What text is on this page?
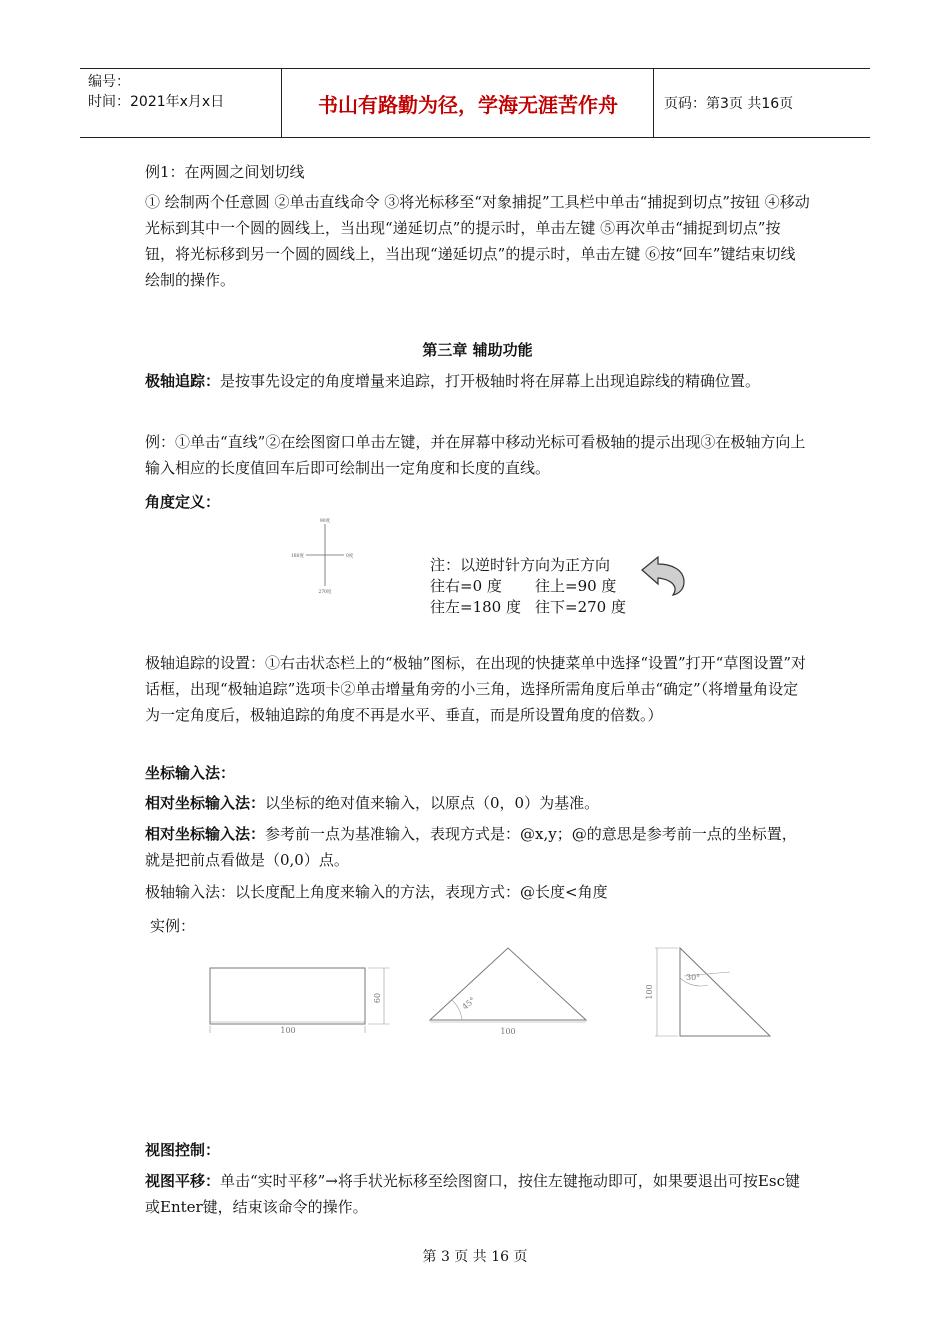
编号：
时间：2021年x月x日	书山有路勤为径，学海无涯苦作舟	页码：第3页 共16页
例1：在两圆之间划切线
① 绘制两个任意圆 ②单击直线命令 ③将光标移至“对象捕捉”工具栏中单击“捕捉到切点”按钮 ④移动光标到其中一个圆的圆线上，当出现“递延切点”的提示时，单击左键 ⑤再次单击“捕捉到切点”按钮，将光标移到另一个圆的圆线上，当出现“递延切点”的提示时，单击左键 ⑥按“回车”键结束切线绘制的操作。
第三章 辅助功能
极轴追踪：是按事先设定的角度增量来追踪，打开极轴时将在屏幕上出现追踪线的精确位置。
例：①单击“直线”②在绘图窗口单击左键，并在屏幕中移动光标可看极轴的提示出现③在极轴方向上输入相应的长度值回车后即可绘制出一定角度和长度的直线。
角度定义：
90度
180度	0度
270度
注：以逆时针方向为正方向
往右=0 度 往上=90 度
往左=180 度 往下=270 度
极轴追踪的设置：①右击状态栏上的“极轴”图标，在出现的快捷菜单中选择“设置”打开“草图设置”对话框，出现“极轴追踪”选项卡②单击增量角旁的小三角，选择所需角度后单击“确定”（将增量角设定为一定角度后，极轴追踪的角度不再是水平、垂直，而是所设置角度的倍数。）
坐标输入法：
相对坐标输入法：以坐标的绝对值来输入，以原点（0，0）为基准。
相对坐标输入法：参考前一点为基准输入，表现方式是：@x,y；@的意思是参考前一点的坐标置，就是把前点看做是（0,0）点。
极轴输入法：以长度配上角度来输入的方法，表现方式：@长度<角度
实例：
100
60	45°
100
100
30°
视图控制：
视图平移：单击“实时平移”→将手状光标移至绘图窗口，按住左键拖动即可，如果要退出可按Esc键或Enter键，结束该命令的操作。
第 3 页 共 16 页
